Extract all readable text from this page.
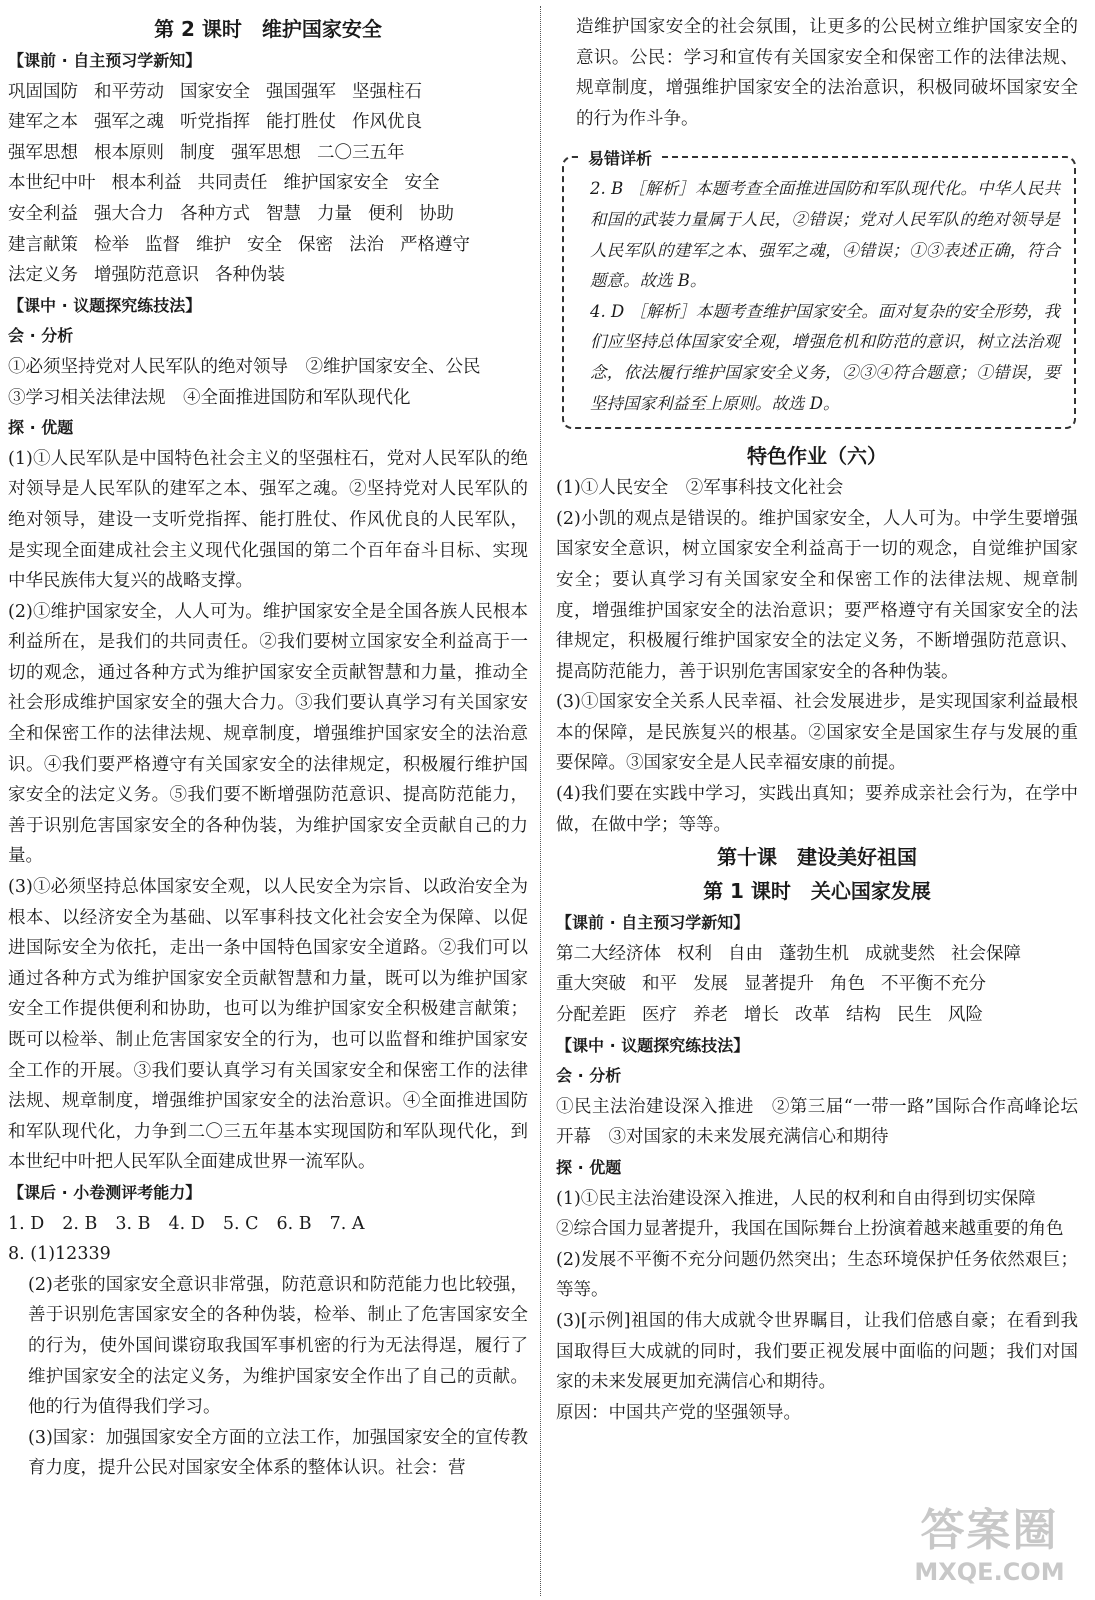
第 2 课时　维护国家安全
【课前 · 自主预习学新知】
巩固国防 和平劳动 国家安全 强国强军 坚强柱石
建军之本 强军之魂 听党指挥 能打胜仗 作风优良
强军思想 根本原则 制度 强军思想 二〇三五年
本世纪中叶 根本利益 共同责任 维护国家安全 安全
安全利益 强大合力 各种方式 智慧 力量 便利 协助
建言献策 检举 监督 维护 安全 保密 法治 严格遵守
法定义务 增强防范意识 各种伪装
【课中 · 议题探究练技法】
会 · 分析

①必须坚持党对人民军队的绝对领导　②维护国家安全、公民

③学习相关法律法规　④全面推进国防和军队现代化

探 · 优题

(1)①人民军队是中国特色社会主义的坚强柱石，党对人民军队的绝对领导是人民军队的建军之本、强军之魂。②坚持党对人民军队的绝对领导，建设一支听党指挥、能打胜仗、作风优良的人民军队，是实现全面建成社会主义现代化强国的第二个百年奋斗目标、实现中华民族伟大复兴的战略支撑。

(2)①维护国家安全，人人可为。维护国家安全是全国各族人民根本利益所在，是我们的共同责任。②我们要树立国家安全利益高于一切的观念，通过各种方式为维护国家安全贡献智慧和力量，推动全社会形成维护国家安全的强大合力。③我们要认真学习有关国家安全和保密工作的法律法规、规章制度，增强维护国家安全的法治意识。④我们要严格遵守有关国家安全的法律规定，积极履行维护国家安全的法定义务。⑤我们要不断增强防范意识、提高防范能力，善于识别危害国家安全的各种伪装，为维护国家安全贡献自己的力量。

(3)①必须坚持总体国家安全观，以人民安全为宗旨、以政治安全为根本、以经济安全为基础、以军事科技文化社会安全为保障、以促进国际安全为依托，走出一条中国特色国家安全道路。②我们可以通过各种方式为维护国家安全贡献智慧和力量，既可以为维护国家安全工作提供便利和协助，也可以为维护国家安全积极建言献策；既可以检举、制止危害国家安全的行为，也可以监督和维护国家安全工作的开展。③我们要认真学习有关国家安全和保密工作的法律法规、规章制度，增强维护国家安全的法治意识。④全面推进国防和军队现代化，力争到二〇三五年基本实现国防和军队现代化，到本世纪中叶把人民军队全面建成世界一流军队。

【课后 · 小卷测评考能力】
1. D 2. B 3. B 4. D 5. C 6. B 7. A

8. (1)12339

(2)老张的国家安全意识非常强，防范意识和防范能力也比较强，善于识别危害国家安全的各种伪装，检举、制止了危害国家安全的行为，使外国间谍窃取我国军事机密的行为无法得逞，履行了维护国家安全的法定义务，为维护国家安全作出了自己的贡献。他的行为值得我们学习。

(3)国家：加强国家安全方面的立法工作，加强国家安全的宣传教育力度，提升公民对国家安全体系的整体认识。社会：营

造维护国家安全的社会氛围，让更多的公民树立维护国家安全的意识。公民：学习和宣传有关国家安全和保密工作的法律法规、规章制度，增强维护国家安全的法治意识，积极同破坏国家安全的行为作斗争。

易错详析

2. B ［解析］本题考查全面推进国防和军队现代化。中华人民共和国的武装力量属于人民，②错误；党对人民军队的绝对领导是人民军队的建军之本、强军之魂，④错误；①③表述正确，符合题意。故选 B。

4. D ［解析］本题考查维护国家安全。面对复杂的安全形势，我们应坚持总体国家安全观，增强危机和防范的意识，树立法治观念，依法履行维护国家安全义务，②③④符合题意；①错误，要坚持国家利益至上原则。故选 D。

特色作业（六）

(1)①人民安全　②军事科技文化社会

(2)小凯的观点是错误的。维护国家安全，人人可为。中学生要增强国家安全意识，树立国家安全利益高于一切的观念，自觉维护国家安全；要认真学习有关国家安全和保密工作的法律法规、规章制度，增强维护国家安全的法治意识；要严格遵守有关国家安全的法律规定，积极履行维护国家安全的法定义务，不断增强防范意识、提高防范能力，善于识别危害国家安全的各种伪装。

(3)①国家安全关系人民幸福、社会发展进步，是实现国家利益最根本的保障，是民族复兴的根基。②国家安全是国家生存与发展的重要保障。③国家安全是人民幸福安康的前提。

(4)我们要在实践中学习，实践出真知；要养成亲社会行为，在学中做，在做中学；等等。

第十课　建设美好祖国
第 1 课时　关心国家发展
【课前 · 自主预习学新知】
第二大经济体 权利 自由 蓬勃生机 成就斐然 社会保障
重大突破 和平 发展 显著提升 角色 不平衡不充分
分配差距 医疗 养老 增长 改革 结构 民生 风险
【课中 · 议题探究练技法】
会 · 分析

①民主法治建设深入推进　②第三届“一带一路”国际合作高峰论坛开幕　③对国家的未来发展充满信心和期待

探 · 优题

(1)①民主法治建设深入推进，人民的权利和自由得到切实保障

②综合国力显著提升，我国在国际舞台上扮演着越来越重要的角色

(2)发展不平衡不充分问题仍然突出；生态环境保护任务依然艰巨；等等。

(3)[示例]祖国的伟大成就令世界瞩目，让我们倍感自豪；在看到我国取得巨大成就的同时，我们要正视发展中面临的问题；我们对国家的未来发展更加充满信心和期待。

原因：中国共产党的坚强领导。

答案圈
MXQE.COM
